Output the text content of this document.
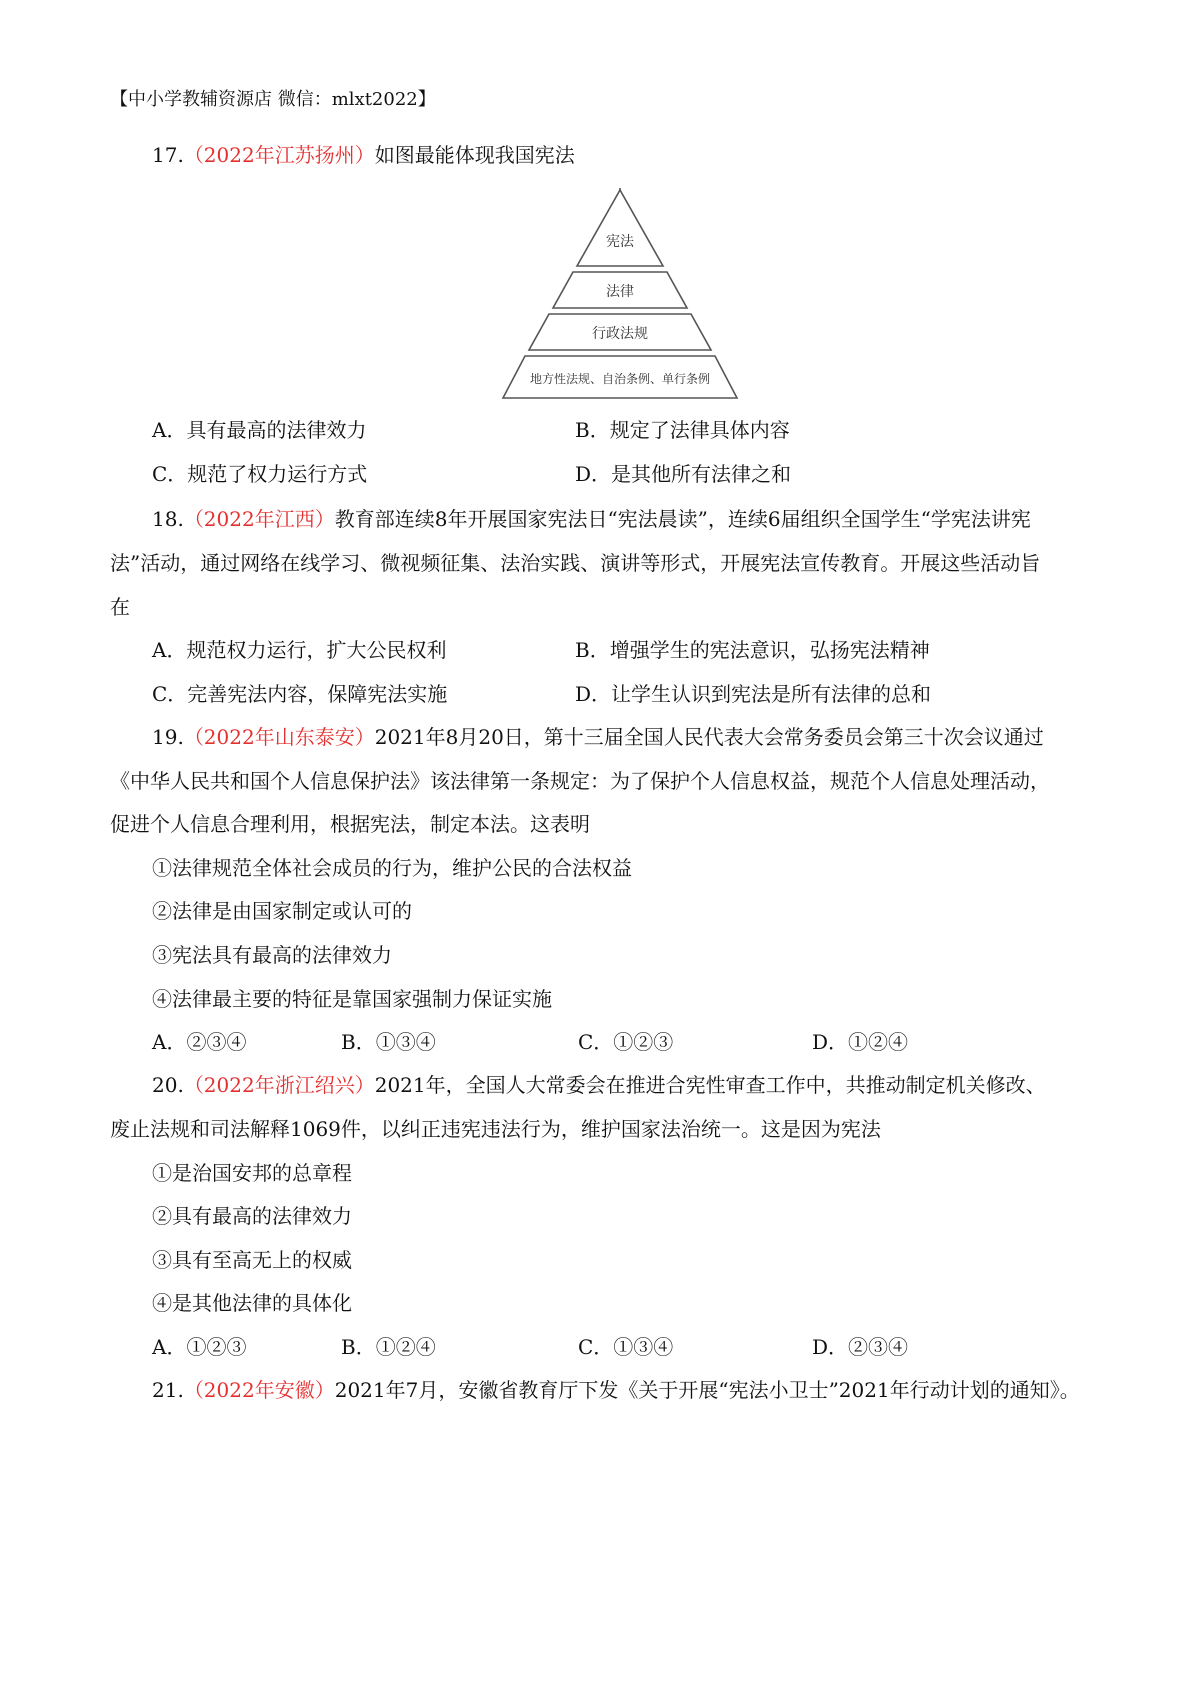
【中小学教辅资源店 微信：mlxt2022】
17.（2022年江苏扬州）如图最能体现我国宪法
宪法
法律
行政法规
地方性法规、自治条例、单行条例
A．具有最高的法律效力	B．规定了法律具体内容
C．规范了权力运行方式	D．是其他所有法律之和
18.（2022年江西）教育部连续8年开展国家宪法日“宪法晨读”，连续6届组织全国学生“学宪法讲宪
法”活动，通过网络在线学习、微视频征集、法治实践、演讲等形式，开展宪法宣传教育。开展这些活动旨
在
A．规范权力运行，扩大公民权利	B．增强学生的宪法意识，弘扬宪法精神
C．完善宪法内容，保障宪法实施	D．让学生认识到宪法是所有法律的总和
19.（2022年山东泰安）2021年8月20日，第十三届全国人民代表大会常务委员会第三十次会议通过
《中华人民共和国个人信息保护法》该法律第一条规定：为了保护个人信息权益，规范个人信息处理活动，
促进个人信息合理利用，根据宪法，制定本法。这表明
①法律规范全体社会成员的行为，维护公民的合法权益
②法律是由国家制定或认可的
③宪法具有最高的法律效力
④法律最主要的特征是靠国家强制力保证实施
A．②③④	B．①③④	C．①②③	D．①②④
20.（2022年浙江绍兴）2021年，全国人大常委会在推进合宪性审查工作中，共推动制定机关修改、
废止法规和司法解释1069件，以纠正违宪违法行为，维护国家法治统一。这是因为宪法
①是治国安邦的总章程
②具有最高的法律效力
③具有至高无上的权威
④是其他法律的具体化
A．①②③	B．①②④	C．①③④	D．②③④
21.（2022年安徽）2021年7月，安徽省教育厅下发《关于开展“宪法小卫士”2021年行动计划的通知》。
